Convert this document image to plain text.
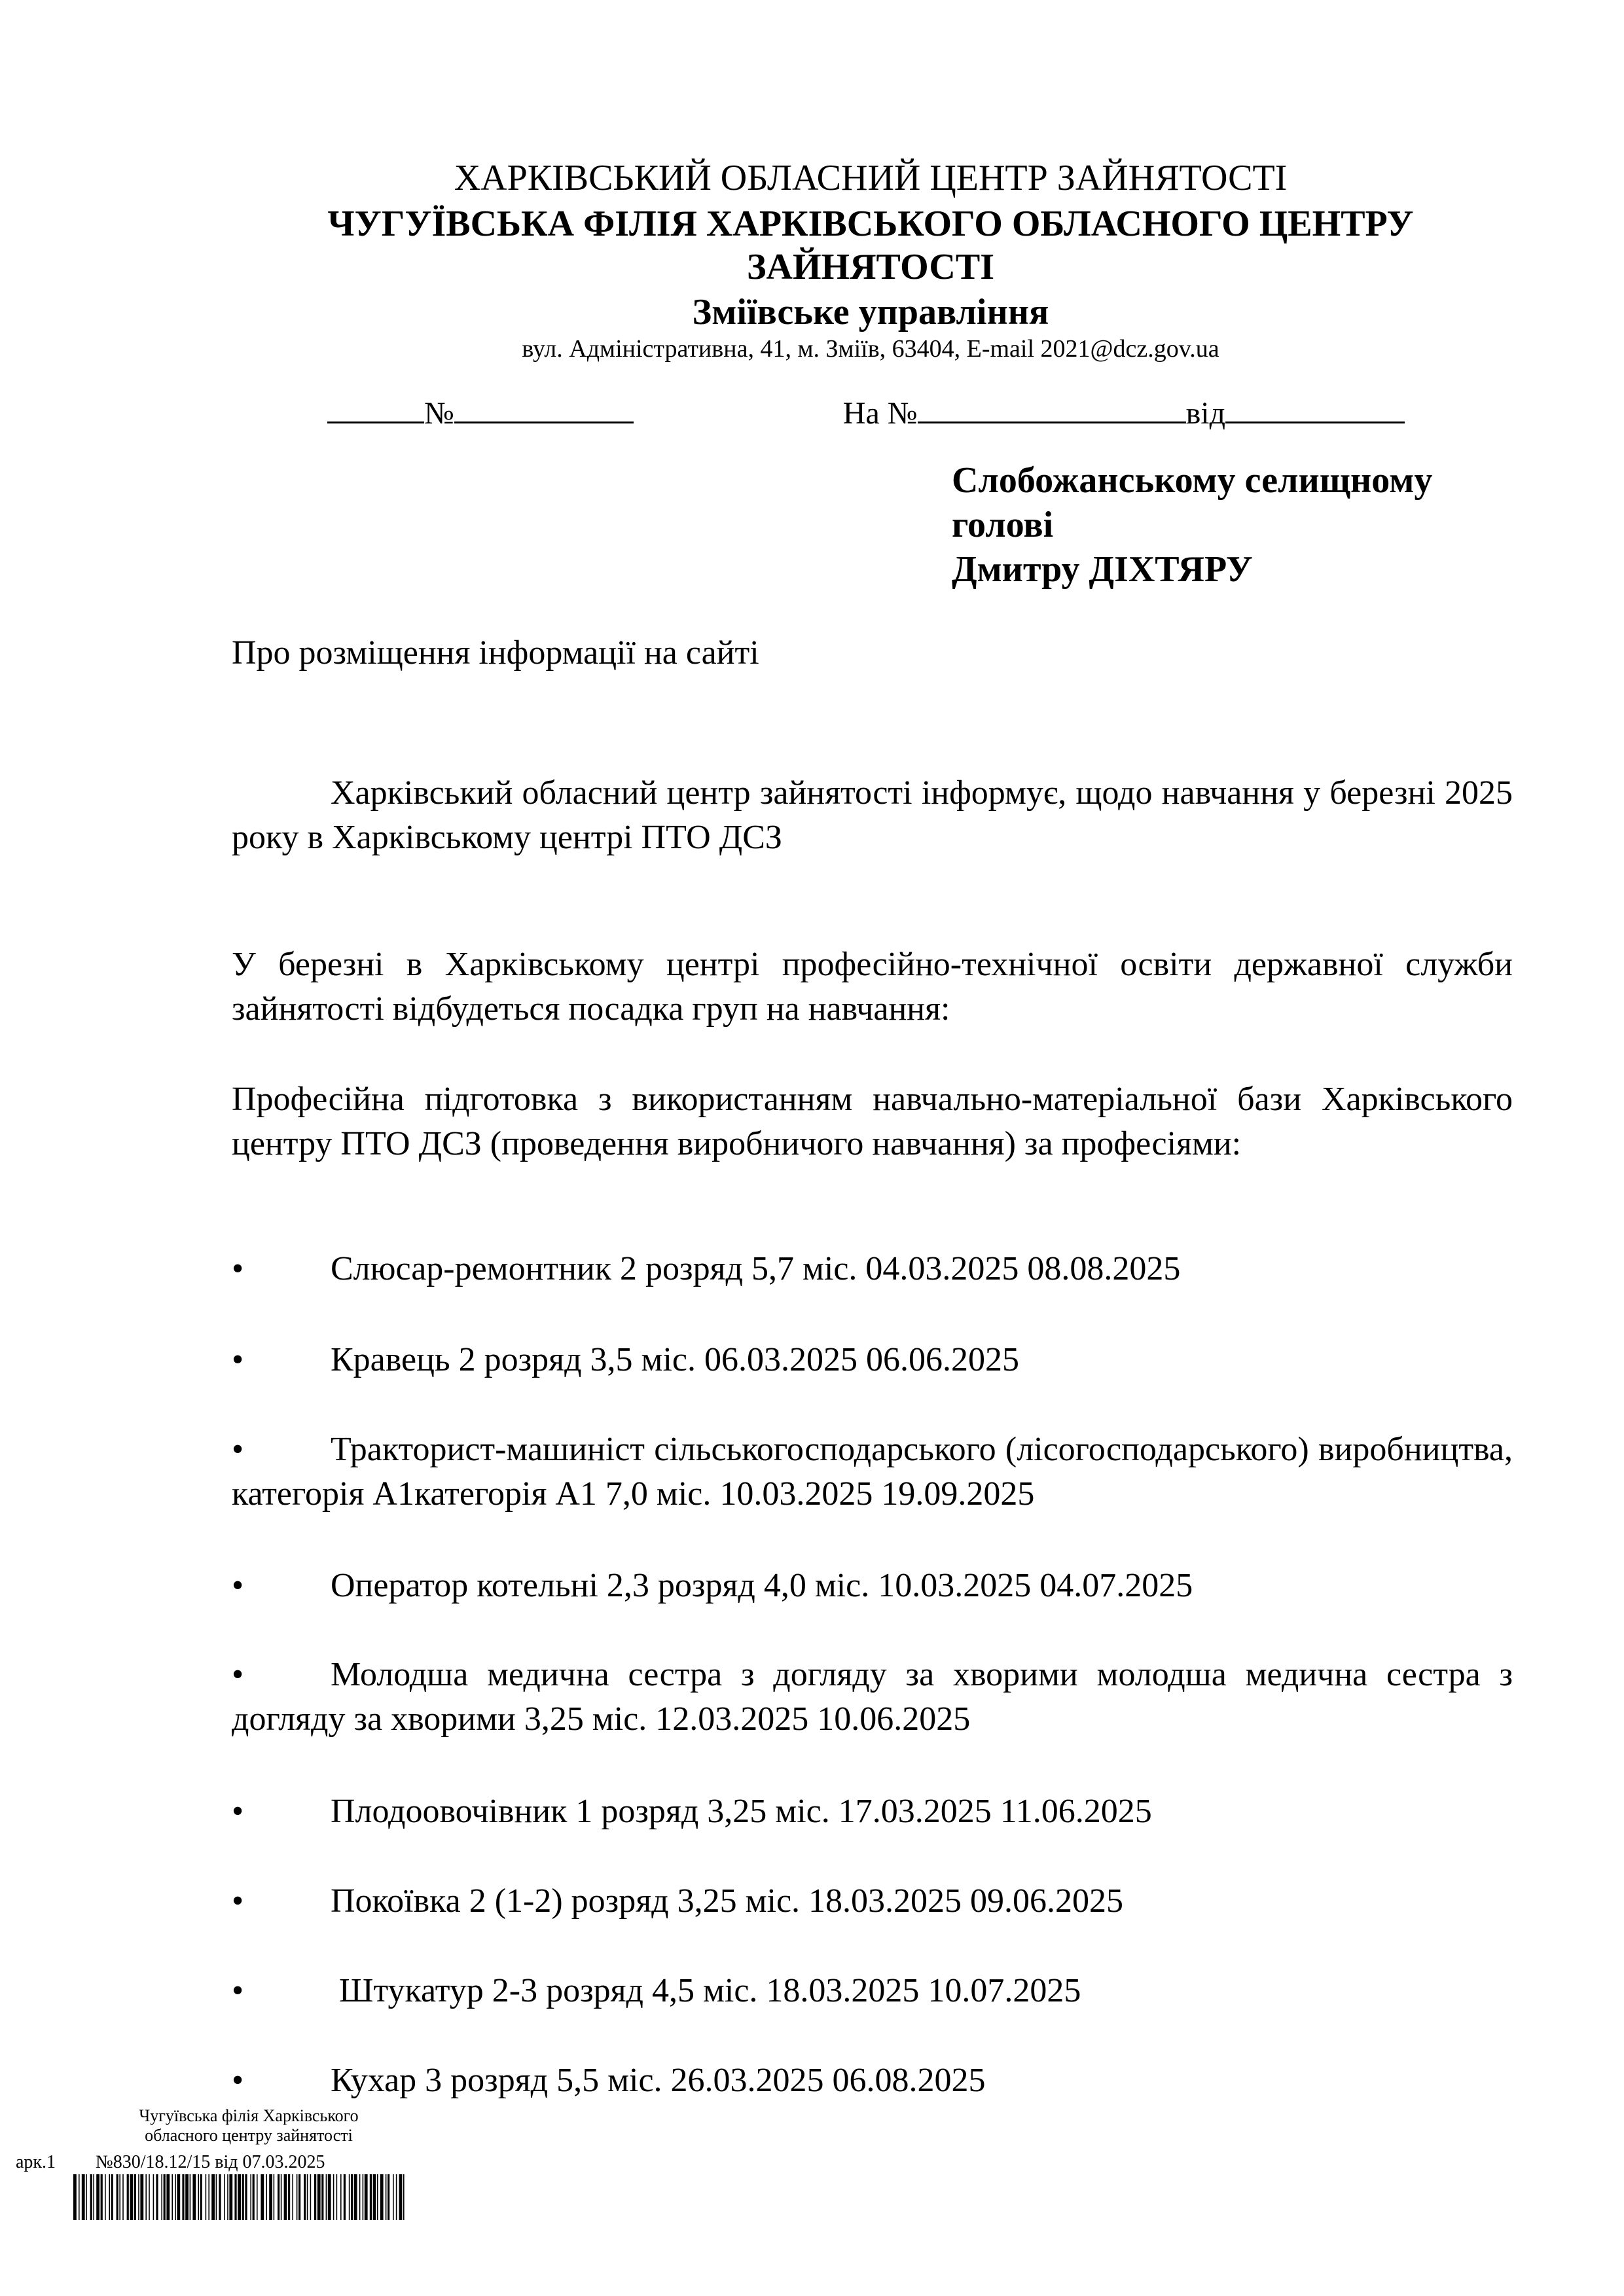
ХАРКІВСЬКИЙ ОБЛАСНИЙ ЦЕНТР ЗАЙНЯТОСТІ
ЧУГУЇВСЬКА ФІЛІЯ ХАРКІВСЬКОГО ОБЛАСНОГО ЦЕНТРУ
ЗАЙНЯТОСТІ
Зміївське управління
вул. Адміністративна, 41, м. Зміїв, 63404, E-mail 2021@dcz.gov.ua
№	На №	від
Слобожанському селищному
голові
Дмитру ДІХТЯРУ
Про розміщення інформації на сайті
Харківський обласний центр зайнятості інформує, щодо навчання у березні 2025 року в Харківському центрі ПТО ДСЗ
У березні в Харківському центрі професійно-технічної освіти державної служби зайнятості відбудеться посадка груп на навчання:
Професійна підготовка з використанням навчально-матеріальної бази Харківського центру ПТО ДСЗ (проведення виробничого навчання) за професіями:
•	Слюсар-ремонтник 2 розряд 5,7 міс. 04.03.2025 08.08.2025
•	Кравець 2 розряд 3,5 міс. 06.03.2025 06.06.2025
•	Тракторист-машиніст сільськогосподарського (лісогосподарського) виробництва, категорія А1категорія А1 7,0 міс. 10.03.2025 19.09.2025
•	Оператор котельні 2,3 розряд 4,0 міс. 10.03.2025 04.07.2025
•	Молодша медична сестра з догляду за хворими молодша медична сестра з догляду за хворими 3,25 міс. 12.03.2025 10.06.2025
•	Плодоовочівник 1 розряд 3,25 міс. 17.03.2025 11.06.2025
•	Покоївка 2 (1-2) розряд 3,25 міс. 18.03.2025 09.06.2025
•	Штукатур 2-3 розряд 4,5 міс. 18.03.2025 10.07.2025
•	Кухар 3 розряд 5,5 міс. 26.03.2025 06.08.2025
Чугуївська філія Харківського
обласного центру зайнятості
арк.1 №830/18.12/15 від 07.03.2025
